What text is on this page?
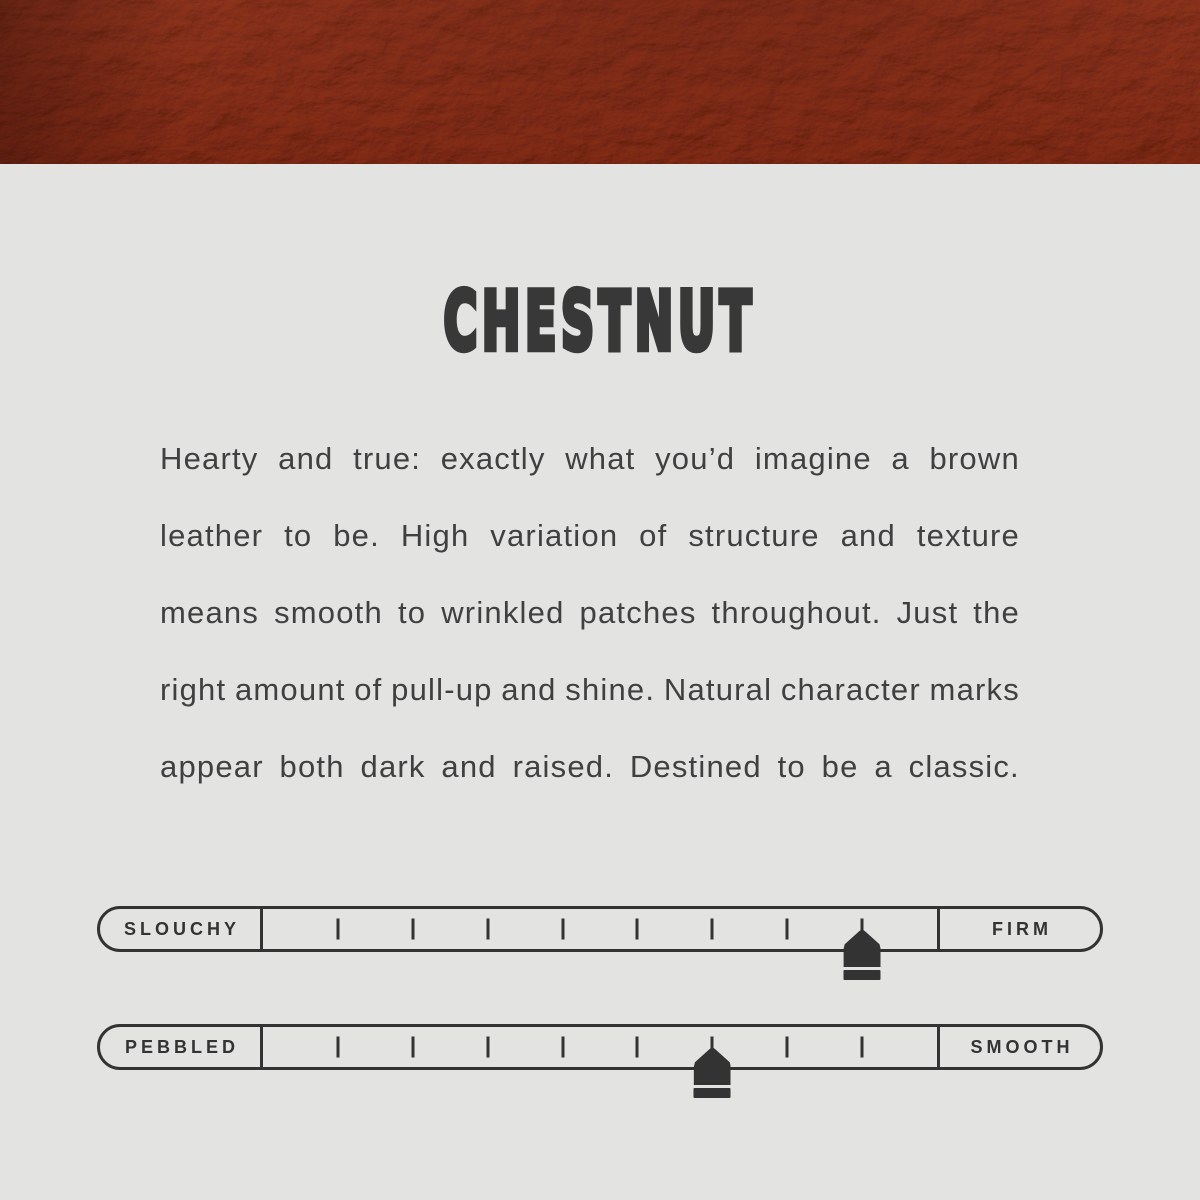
CHESTNUT
Hearty and true: exactly what you’d imagine a brown
leather to be. High variation of structure and texture
means smooth to wrinkled patches throughout. Just the
right amount of pull-up and shine. Natural character marks
appear both dark and raised. Destined to be a classic.
SLOUCHY	FIRM
PEBBLED	SMOOTH
